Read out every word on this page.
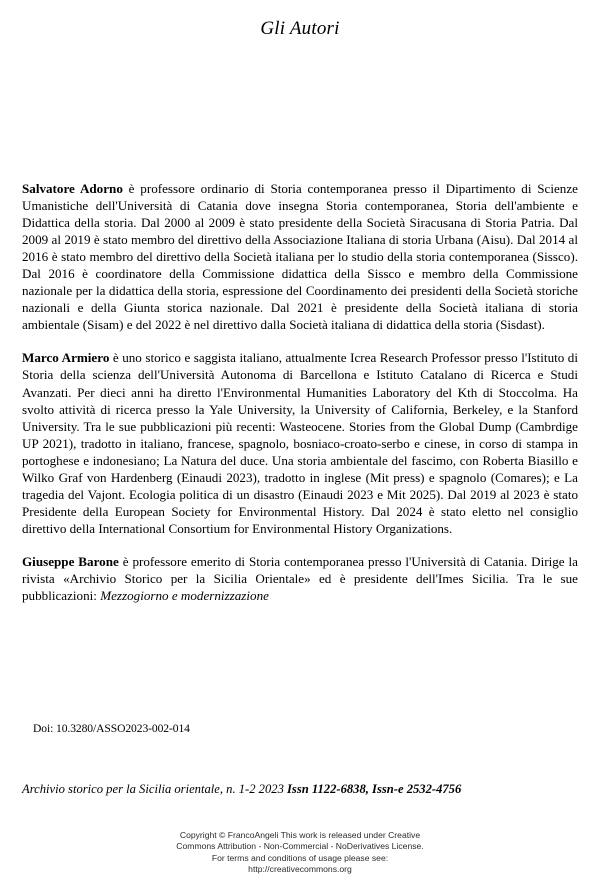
Gli Autori

Salvatore Adorno è professore ordinario di Storia contemporanea presso il Dipartimento di Scienze Umanistiche dell'Università di Catania dove insegna Storia contemporanea, Storia dell'ambiente e Didattica della storia. Dal 2000 al 2009 è stato presidente della Società Siracusana di Storia Patria. Dal 2009 al 2019 è stato membro del direttivo della Associazione Italiana di storia Urbana (Aisu). Dal 2014 al 2016 è stato membro del direttivo della Società italiana per lo studio della storia contemporanea (Sissco). Dal 2016 è coordinatore della Commissione didattica della Sissco e membro della Commissione nazionale per la didattica della storia, espressione del Coordinamento dei presidenti della Società storiche nazionali e della Giunta storica nazionale. Dal 2021 è presidente della Società italiana di storia ambientale (Sisam) e del 2022 è nel direttivo dalla Società italiana di didattica della storia (Sisdast).

Marco Armiero è uno storico e saggista italiano, attualmente Icrea Research Professor presso l'Istituto di Storia della scienza dell'Università Autonoma di Barcellona e Istituto Catalano di Ricerca e Studi Avanzati. Per dieci anni ha diretto l'Environmental Humanities Laboratory del Kth di Stoccolma. Ha svolto attività di ricerca presso la Yale University, la University of California, Berkeley, e la Stanford University. Tra le sue pubblicazioni più recenti: Wasteocene. Stories from the Global Dump (Cambrdige UP 2021), tradotto in italiano, francese, spagnolo, bosniaco-croato-serbo e cinese, in corso di stampa in portoghese e indonesiano; La Natura del duce. Una storia ambientale del fascimo, con Roberta Biasillo e Wilko Graf von Hardenberg (Einaudi 2023), tradotto in inglese (Mit press) e spagnolo (Comares); e La tragedia del Vajont. Ecologia politica di un disastro (Einaudi 2023 e Mit 2025). Dal 2019 al 2023 è stato Presidente della European Society for Environmental History. Dal 2024 è stato eletto nel consiglio direttivo della International Consortium for Environmental History Organizations.

Giuseppe Barone è professore emerito di Storia contemporanea presso l'Università di Catania. Dirige la rivista «Archivio Storico per la Sicilia Orientale» ed è presidente dell'Imes Sicilia. Tra le sue pubblicazioni: Mezzogiorno e modernizzazione

Doi: 10.3280/ASSO2023-002-014
Archivio storico per la Sicilia orientale, n. 1-2 2023 Issn 1122-6838, Issn-e 2532-4756
Copyright © FrancoAngeli This work is released under Creative
Commons Attribution - Non-Commercial - NoDerivatives License.
For terms and conditions of usage please see:
http://creativecommons.org
